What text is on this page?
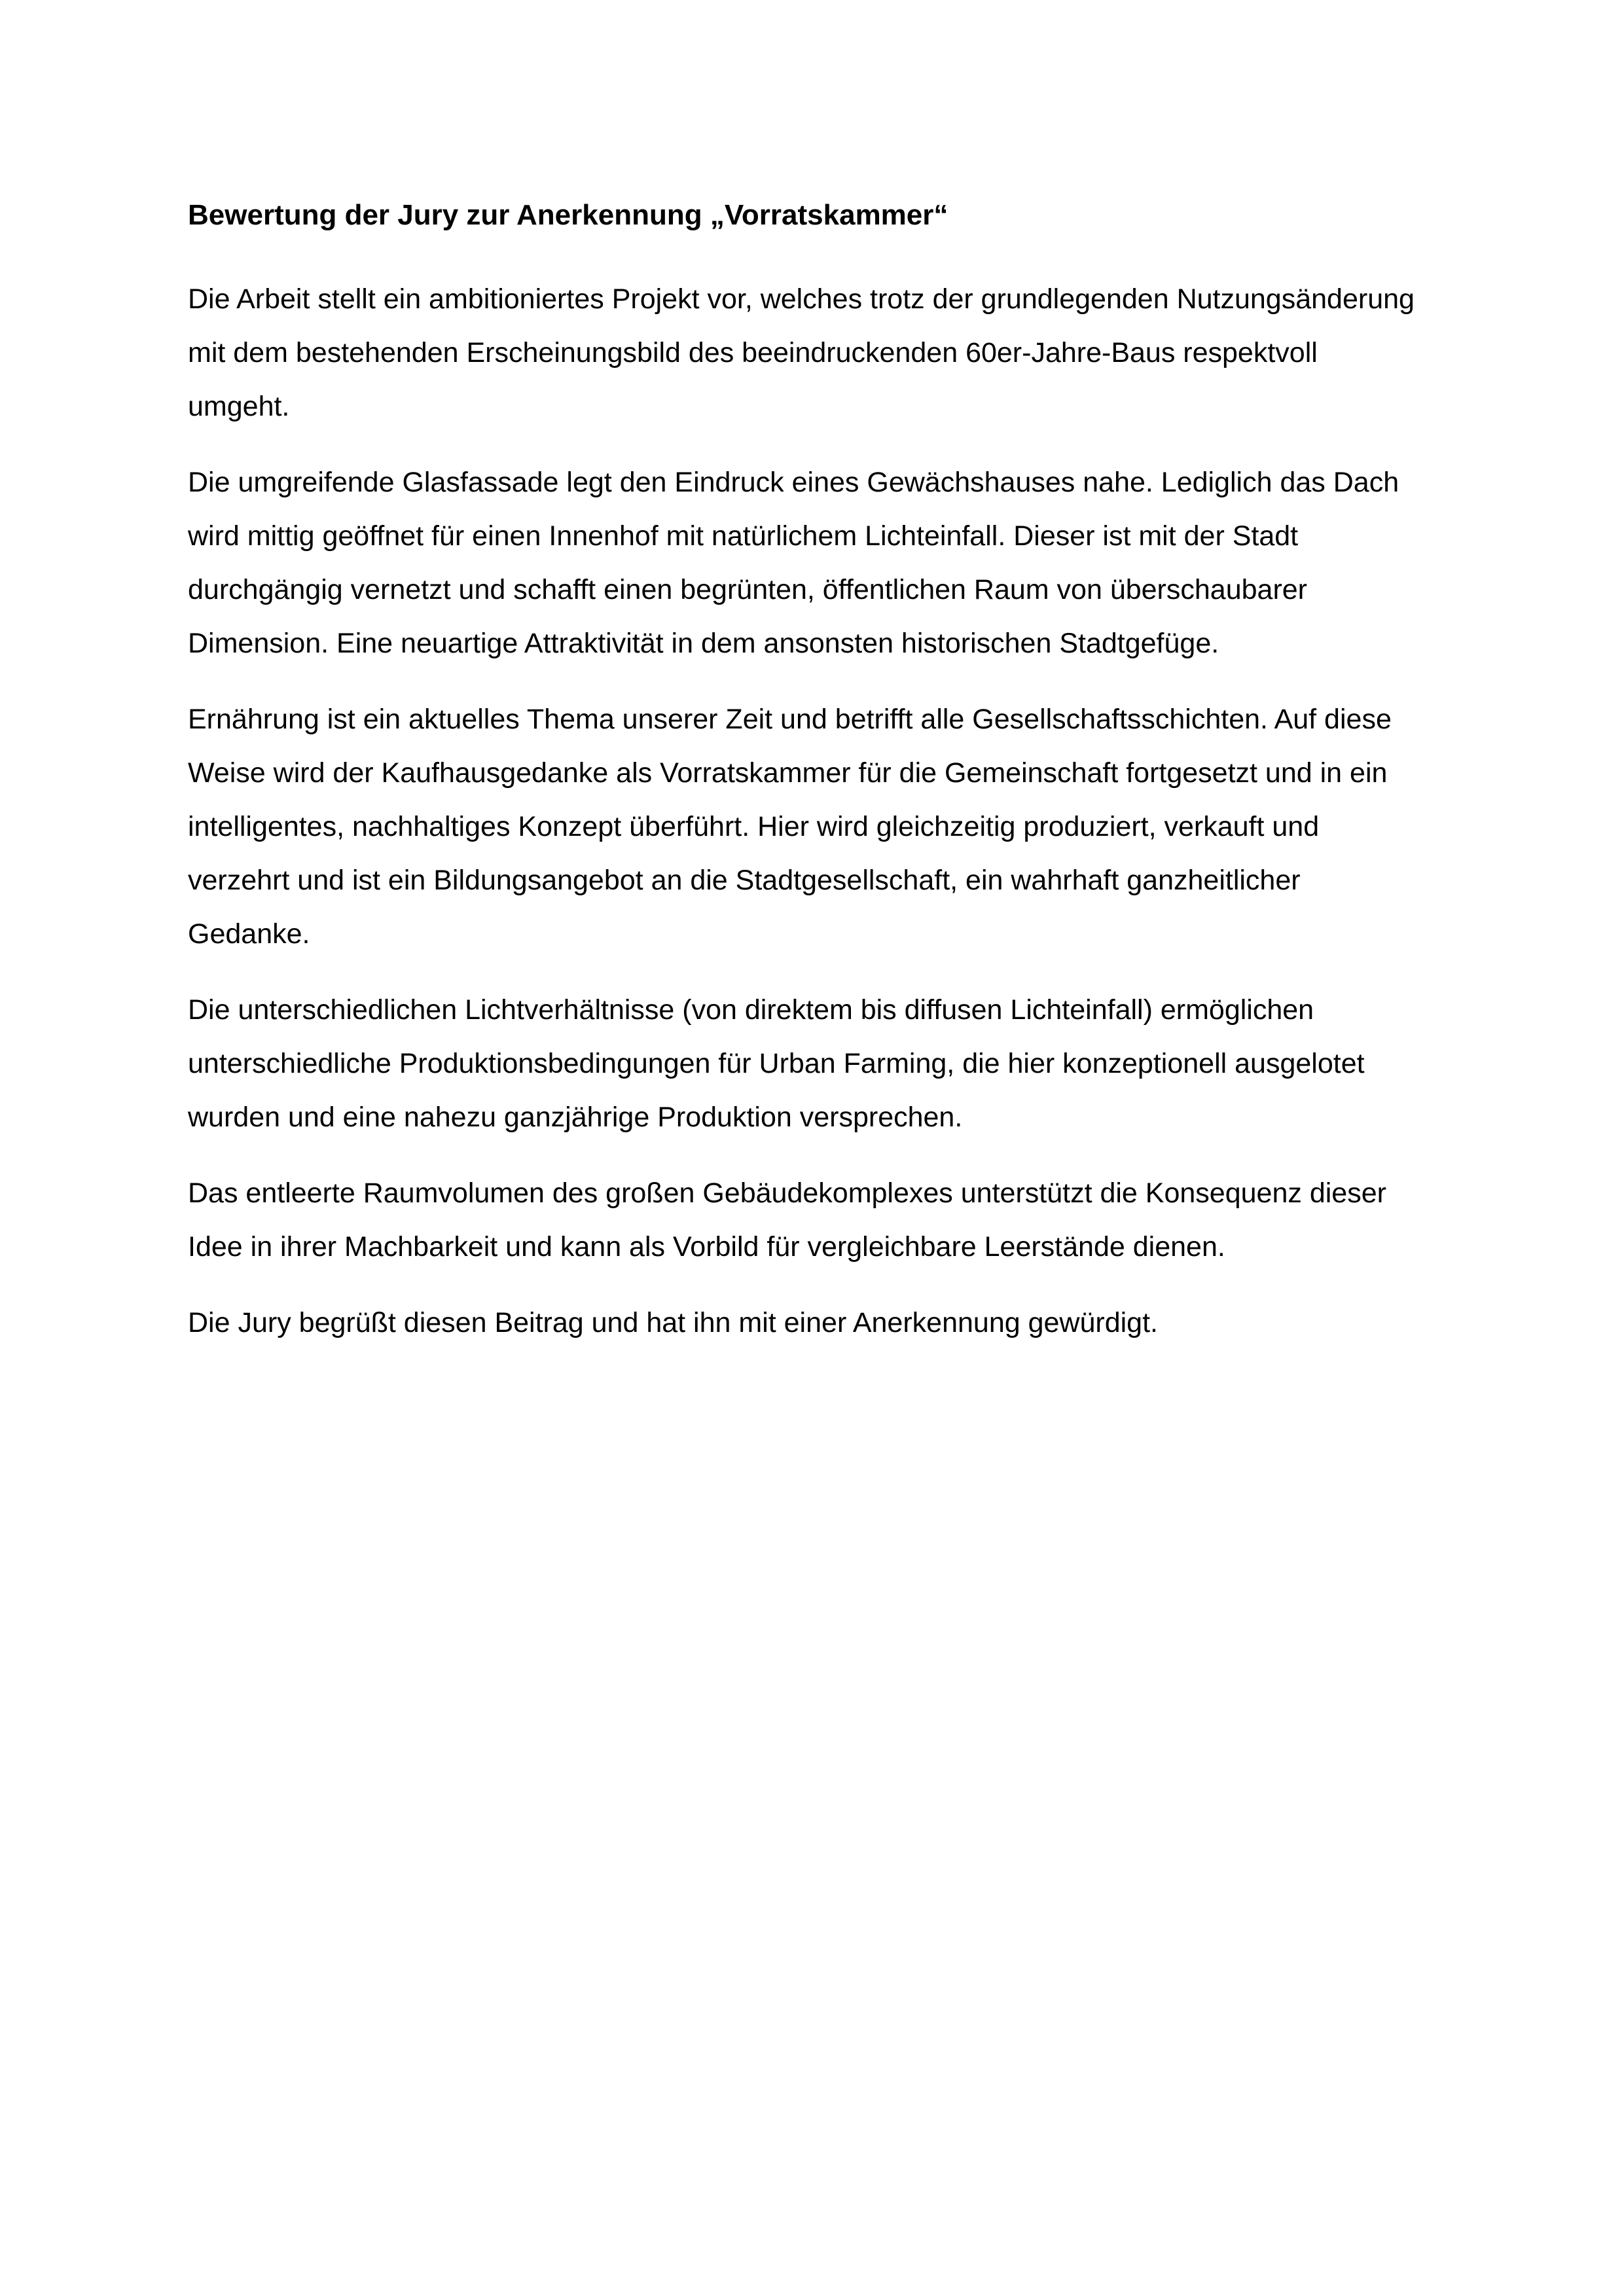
Bewertung der Jury zur Anerkennung „Vorratskammer“

Die Arbeit stellt ein ambitioniertes Projekt vor, welches trotz der grundlegenden Nutzungsänderung mit dem bestehenden Erscheinungsbild des beeindruckenden 60er-Jahre-Baus respektvoll umgeht.

Die umgreifende Glasfassade legt den Eindruck eines Gewächshauses nahe. Lediglich das Dach wird mittig geöffnet für einen Innenhof mit natürlichem Lichteinfall. Dieser ist mit der Stadt durchgängig vernetzt und schafft einen begrünten, öffentlichen Raum von überschaubarer Dimension. Eine neuartige Attraktivität in dem ansonsten historischen Stadtgefüge.

Ernährung ist ein aktuelles Thema unserer Zeit und betrifft alle Gesellschaftsschichten. Auf diese Weise wird der Kaufhausgedanke als Vorratskammer für die Gemeinschaft fortgesetzt und in ein intelligentes, nachhaltiges Konzept überführt. Hier wird gleichzeitig produziert, verkauft und verzehrt und ist ein Bildungsangebot an die Stadtgesellschaft, ein wahrhaft ganzheitlicher Gedanke.

Die unterschiedlichen Lichtverhältnisse (von direktem bis diffusen Lichteinfall) ermöglichen unterschiedliche Produktionsbedingungen für Urban Farming, die hier konzeptionell ausgelotet wurden und eine nahezu ganzjährige Produktion versprechen.

Das entleerte Raumvolumen des großen Gebäudekomplexes unterstützt die Konsequenz dieser Idee in ihrer Machbarkeit und kann als Vorbild für vergleichbare Leerstände dienen.

Die Jury begrüßt diesen Beitrag und hat ihn mit einer Anerkennung gewürdigt.
